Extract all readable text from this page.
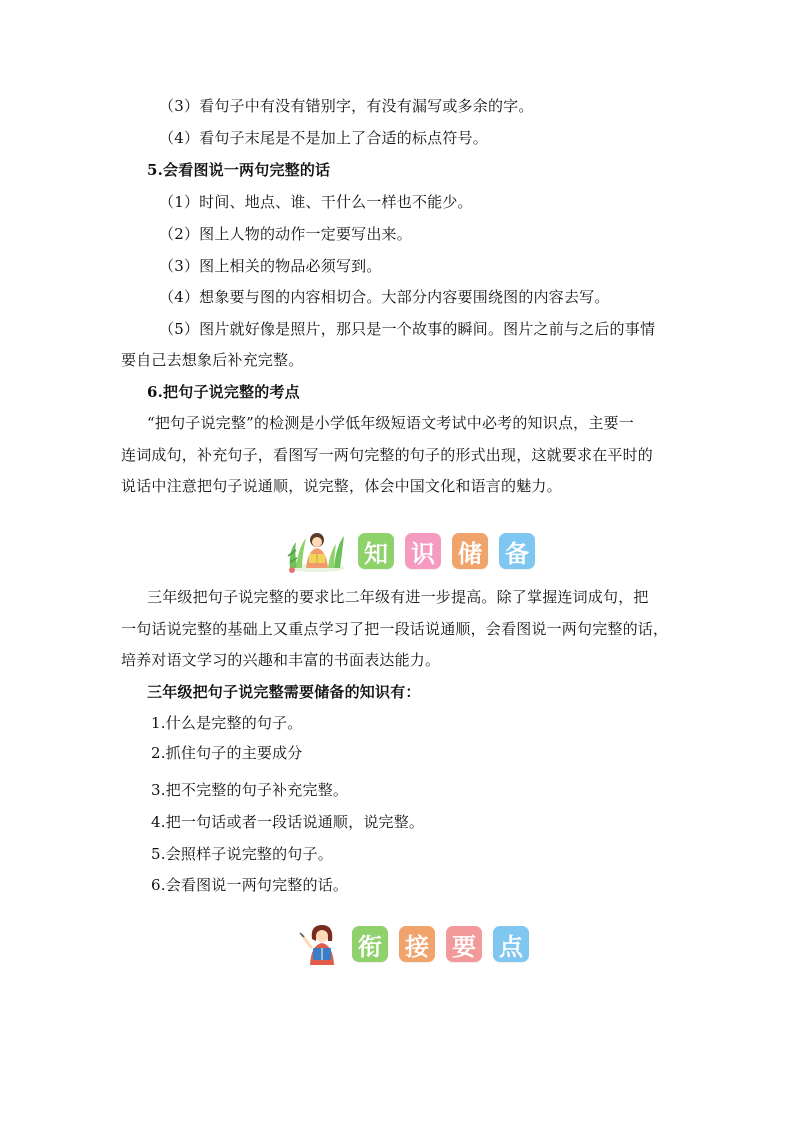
（3）看句子中有没有错别字，有没有漏写或多余的字。
（4）看句子末尾是不是加上了合适的标点符号。
5.会看图说一两句完整的话
（1）时间、地点、谁、干什么一样也不能少。
（2）图上人物的动作一定要写出来。
（3）图上相关的物品必须写到。
（4）想象要与图的内容相切合。大部分内容要围绕图的内容去写。
（5）图片就好像是照片，那只是一个故事的瞬间。图片之前与之后的事情
要自己去想象后补充完整。
6.把句子说完整的考点
“把句子说完整”的检测是小学低年级短语文考试中必考的知识点，主要一
连词成句，补充句子，看图写一两句完整的句子的形式出现，这就要求在平时的
说话中注意把句子说通顺，说完整，体会中国文化和语言的魅力。
知 识 储 备
三年级把句子说完整的要求比二年级有进一步提高。除了掌握连词成句，把
一句话说完整的基础上又重点学习了把一段话说通顺，会看图说一两句完整的话，
培养对语文学习的兴趣和丰富的书面表达能力。
三年级把句子说完整需要储备的知识有：
1.什么是完整的句子。
2.抓住句子的主要成分
3.把不完整的句子补充完整。
4.把一句话或者一段话说通顺，说完整。
5.会照样子说完整的句子。
6.会看图说一两句完整的话。
衔 接 要 点
